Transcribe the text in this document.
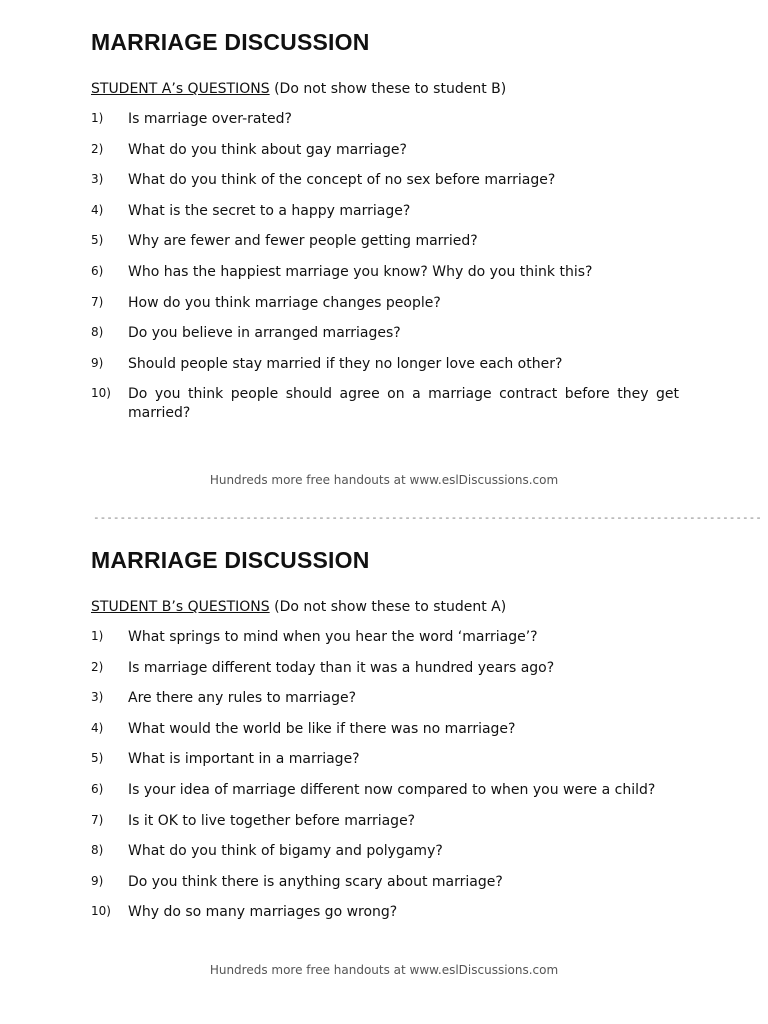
MARRIAGE DISCUSSION
STUDENT A’s QUESTIONS (Do not show these to student B)
1)	Is marriage over-rated?
2)	What do you think about gay marriage?
3)	What do you think of the concept of no sex before marriage?
4)	What is the secret to a happy marriage?
5)	Why are fewer and fewer people getting married?
6)	Who has the happiest marriage you know? Why do you think this?
7)	How do you think marriage changes people?
8)	Do you believe in arranged marriages?
9)	Should people stay married if they no longer love each other?
10)	Do you think people should agree on a marriage contract before they get married?
Hundreds more free handouts at www.eslDiscussions.com
-----------------------------------------------------------------------------------------------------
MARRIAGE DISCUSSION
STUDENT B’s QUESTIONS (Do not show these to student A)
1)	What springs to mind when you hear the word ‘marriage’?
2)	Is marriage different today than it was a hundred years ago?
3)	Are there any rules to marriage?
4)	What would the world be like if there was no marriage?
5)	What is important in a marriage?
6)	Is your idea of marriage different now compared to when you were a child?
7)	Is it OK to live together before marriage?
8)	What do you think of bigamy and polygamy?
9)	Do you think there is anything scary about marriage?
10)	Why do so many marriages go wrong?
Hundreds more free handouts at www.eslDiscussions.com
